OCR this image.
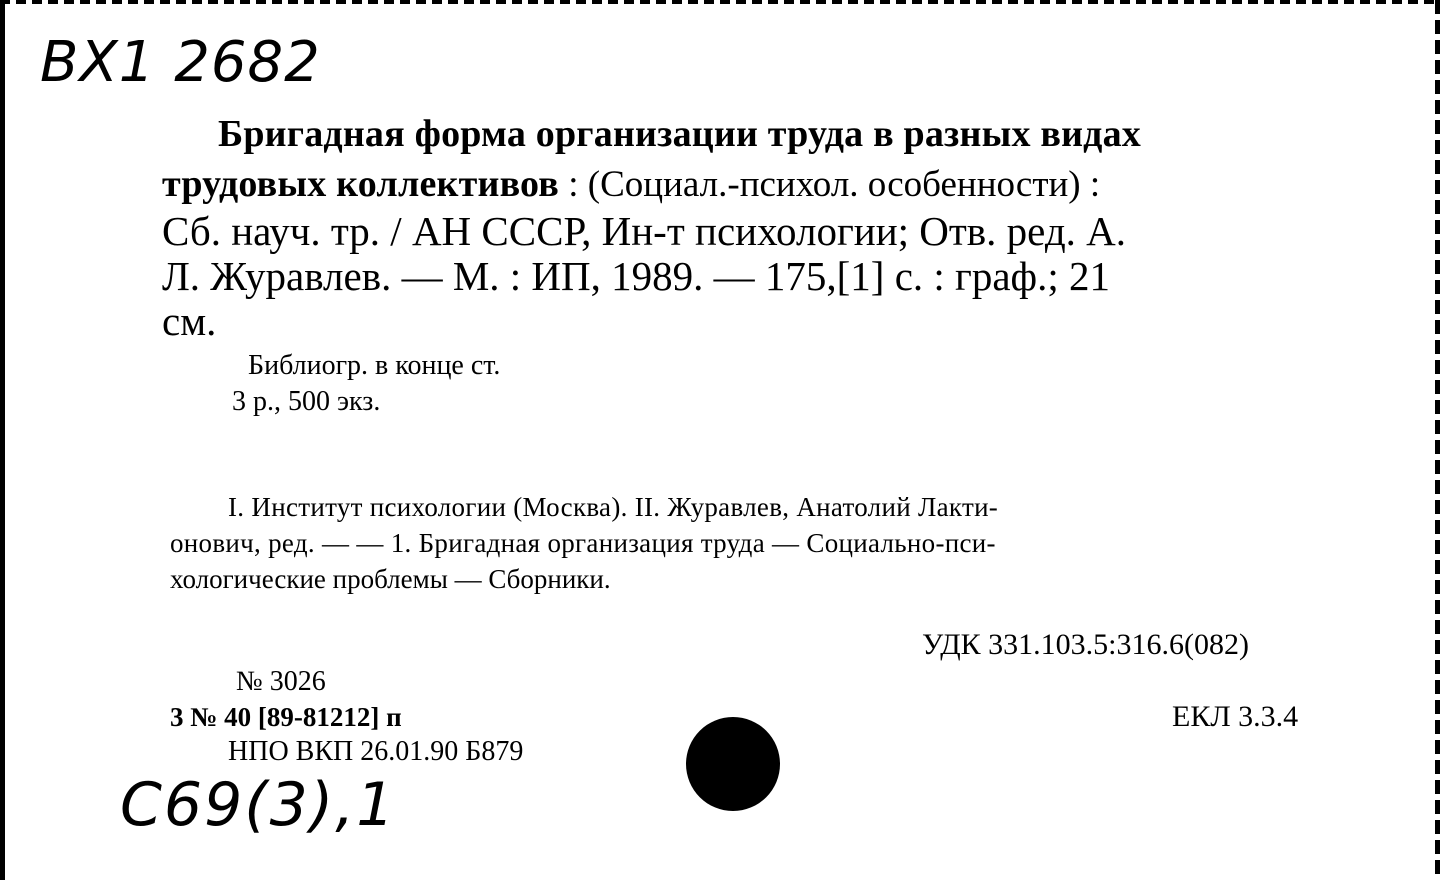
ВХ1 2682
Бригадная форма организации труда в разных видах
трудовых коллективов : (Социал.-психол. особенности) :
Сб. науч. тр. / АН СССР, Ин-т психологии; Отв. ред. А.
Л. Журавлев. — М. : ИП, 1989. — 175,[1] с. : граф.; 21
см.
Библиогр. в конце ст.
3 р., 500 экз.
I. Институт психологии (Москва). II. Журавлев, Анатолий Лакти-
онович, ред. — — 1. Бригадная организация труда — Социально-пси-
хологические проблемы — Сборники.
УДК 331.103.5:316.6(082)
ЕКЛ 3.3.4
№ 3026
3 № 40 [89-81212] п
НПО ВКП 26.01.90 Б879
С69(3),1
